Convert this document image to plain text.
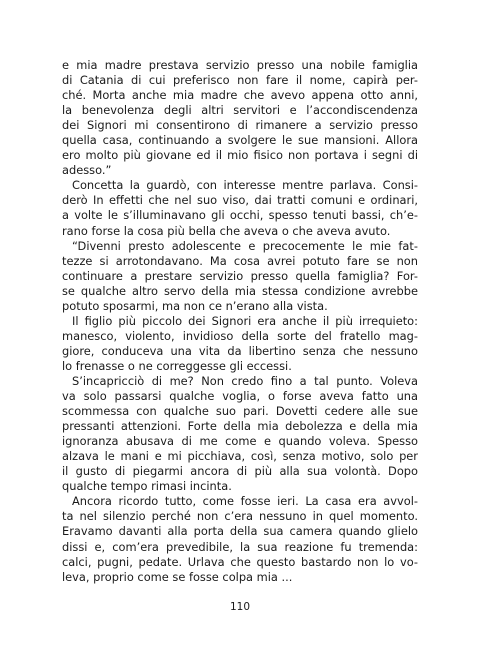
e mia madre prestava servizio presso una nobile famiglia
di Catania di cui preferisco non fare il nome, capirà per-
ché. Morta anche mia madre che avevo appena otto anni,
la benevolenza degli altri servitori e l’accondiscendenza
dei Signori mi consentirono di rimanere a servizio presso
quella casa, continuando a svolgere le sue mansioni. Allora
ero molto più giovane ed il mio fisico non portava i segni di
adesso.”

Concetta la guardò, con interesse mentre parlava. Consi-
derò In effetti che nel suo viso, dai tratti comuni e ordinari,
a volte le s’illuminavano gli occhi, spesso tenuti bassi, ch’e-
rano forse la cosa più bella che aveva o che aveva avuto.

“Divenni presto adolescente e precocemente le mie fat-
tezze si arrotondavano. Ma cosa avrei potuto fare se non
continuare a prestare servizio presso quella famiglia? For-
se qualche altro servo della mia stessa condizione avrebbe
potuto sposarmi, ma non ce n’erano alla vista.

Il figlio più piccolo dei Signori era anche il più irrequieto:
manesco, violento, invidioso della sorte del fratello mag-
giore, conduceva una vita da libertino senza che nessuno
lo frenasse o ne correggesse gli eccessi.

S’incapricciò di me? Non credo fino a tal punto. Voleva
va solo passarsi qualche voglia, o forse aveva fatto una
scommessa con qualche suo pari. Dovetti cedere alle sue
pressanti attenzioni. Forte della mia debolezza e della mia
ignoranza abusava di me come e quando voleva. Spesso
alzava le mani e mi picchiava, così, senza motivo, solo per
il gusto di piegarmi ancora di più alla sua volontà. Dopo
qualche tempo rimasi incinta.

Ancora ricordo tutto, come fosse ieri. La casa era avvol-
ta nel silenzio perché non c’era nessuno in quel momento.
Eravamo davanti alla porta della sua camera quando glielo
dissi e, com’era prevedibile, la sua reazione fu tremenda:
calci, pugni, pedate. Urlava che questo bastardo non lo vo-
leva, proprio come se fosse colpa mia ...

110
